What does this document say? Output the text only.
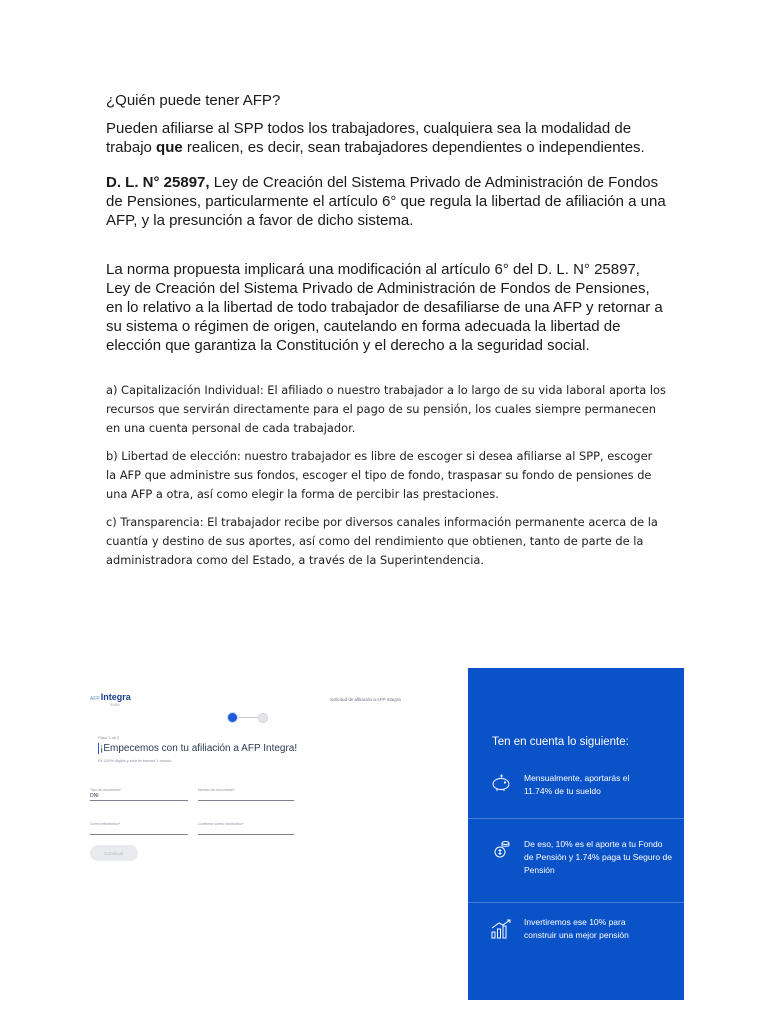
¿Quién puede tener AFP?

Pueden afiliarse al SPP todos los trabajadores, cualquiera sea la modalidad de trabajo que realicen, es decir, sean trabajadores dependientes o independientes.

D. L. N° 25897, Ley de Creación del Sistema Privado de Administración de Fondos de Pensiones, particularmente el artículo 6° que regula la libertad de afiliación a una AFP, y la presunción a favor de dicho sistema.

La norma propuesta implicará una modificación al artículo 6° del D. L. N° 25897, Ley de Creación del Sistema Privado de Administración de Fondos de Pensiones, en lo relativo a la libertad de todo trabajador de desafiliarse de una AFP y retornar a su sistema o régimen de origen, cautelando en forma adecuada la libertad de elección que garantiza la Constitución y el derecho a la seguridad social.

a) Capitalización Individual: El afiliado o nuestro trabajador a lo largo de su vida laboral aporta los recursos que servirán directamente para el pago de su pensión, los cuales siempre permanecen en una cuenta personal de cada trabajador.

b) Libertad de elección: nuestro trabajador es libre de escoger si desea afiliarse al SPP, escoger la AFP que administre sus fondos, escoger el tipo de fondo, traspasar su fondo de pensiones de una AFP a otra, así como elegir la forma de percibir las prestaciones.

c) Transparencia: El trabajador recibe por diversos canales información permanente acerca de la cuantía y destino de sus aportes, así como del rendimiento que obtienen, tanto de parte de la administradora como del Estado, a través de la Superintendencia.

AFPIntegra
SURA
Solicitud de afiliación a AFP Integra
Paso 1 de 2
¡Empecemos con tu afiliación a AFP Integra!
Es 100% digital y solo te tomará 1 minuto
Tipo de documento*
DNI
Número de documento*
Correo electrónico*	Confirmar correo electrónico*
Continuar
Ten en cuenta lo siguiente:
Mensualmente, aportarás el 11.74% de tu sueldo
De eso, 10% es el aporte a tu Fondo de Pensión y 1.74% paga tu Seguro de Pensión
Invertiremos ese 10% para construir una mejor pensión
